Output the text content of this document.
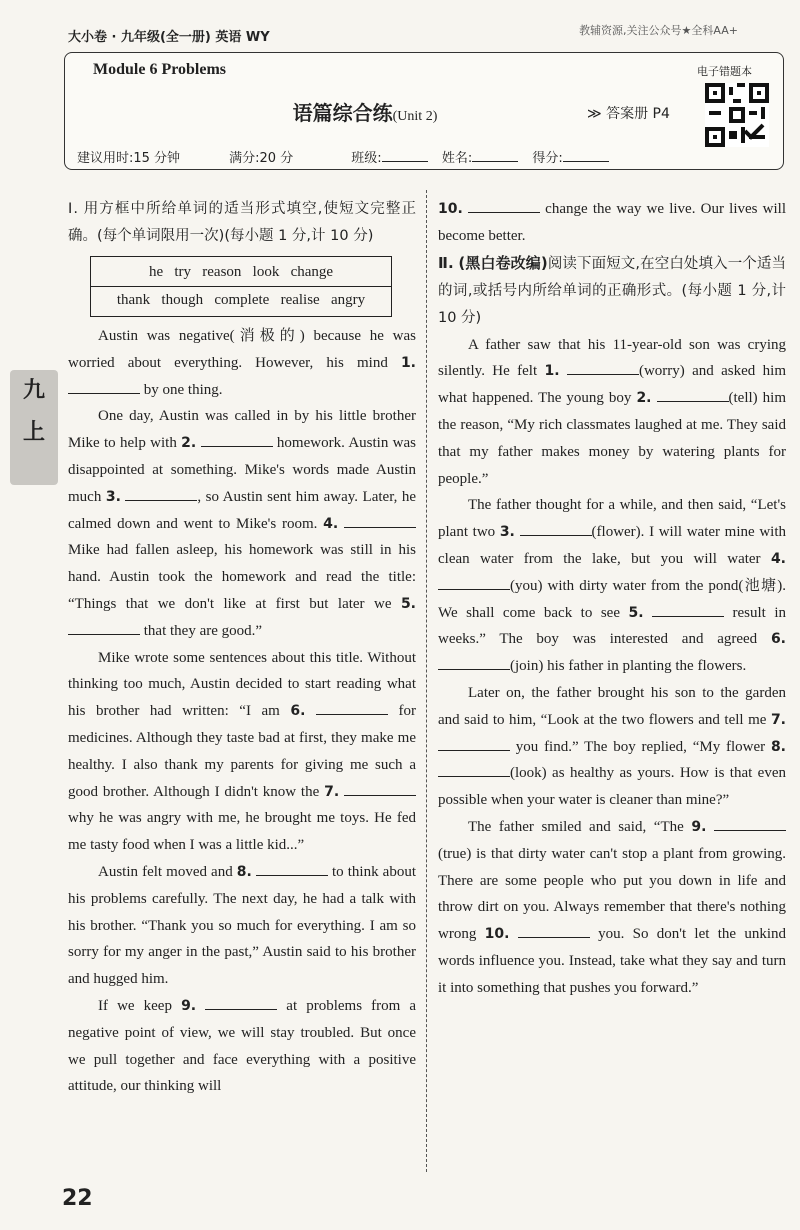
大小卷 · 九年级(全一册) 英语 WY	教辅资源,关注公众号★全科AA+
Module 6 Problems
语篇综合练(Unit 2)	≫ 答案册 P4
电子错题本
建议用时:15 分钟	满分:20 分	班级:	姓名:	得分:
九
上

Ⅰ. 用方框中所给单词的适当形式填空,使短文完整正确。(每个单词限用一次)(每小题 1 分,计 10 分)

he   try   reason   look   change
thank   though   complete   realise   angry

Austin was negative(消极的) because he was worried about everything. However, his mind 1.  by one thing.

One day, Austin was called in by his little brother Mike to help with 2.	homework. Austin was disappointed at something. Mike's words made Austin much 3.	, so Austin sent him away. Later, he calmed down and went to Mike's room. 4.  Mike had fallen asleep, his homework was still in his hand. Austin took the homework and read the title: “Things that we don't like at first but later we 5.  that they are good.”

Mike wrote some sentences about this title. Without thinking too much, Austin decided to start reading what his brother had written: “I am 6.	for medicines. Although they taste bad at first, they make me healthy. I also thank my parents for giving me such a good brother. Although I didn't know the 7.  why he was angry with me, he brought me toys. He fed me tasty food when I was a little kid...”

Austin felt moved and 8.	to think about his problems carefully. The next day, he had a talk with his brother. “Thank you so much for everything. I am so sorry for my anger in the past,” Austin said to his brother and hugged him.

If we keep 9.	at problems from a negative point of view, we will stay troubled. But once we pull together and face everything with a positive attitude, our thinking will

10.	change the way we live. Our lives will become better.

Ⅱ. (黑白卷改编)阅读下面短文,在空白处填入一个适当的词,或括号内所给单词的正确形式。(每小题 1 分,计 10 分)

A father saw that his 11-year-old son was crying silently. He felt 1.	(worry) and asked him what happened. The young boy 2.	(tell) him the reason, “My rich classmates laughed at me. They said that my father makes money by watering plants for people.”

The father thought for a while, and then said, “Let's plant two 3.	(flower). I will water mine with clean water from the lake, but you will water 4. (you) with dirty water from the pond(池塘). We shall come back to see 5.	result in weeks.” The boy was interested and agreed 6. (join) his father in planting the flowers.

Later on, the father brought his son to the garden and said to him, “Look at the two flowers and tell me 7.  you find.” The boy replied, “My flower 8. (look) as healthy as yours. How is that even possible when your water is cleaner than mine?”

The father smiled and said, “The 9. (true) is that dirty water can't stop a plant from growing. There are some people who put you down in life and throw dirt on you. Always remember that there's nothing wrong 10.	you. So don't let the unkind words influence you. Instead, take what they say and turn it into something that pushes you forward.”

22
